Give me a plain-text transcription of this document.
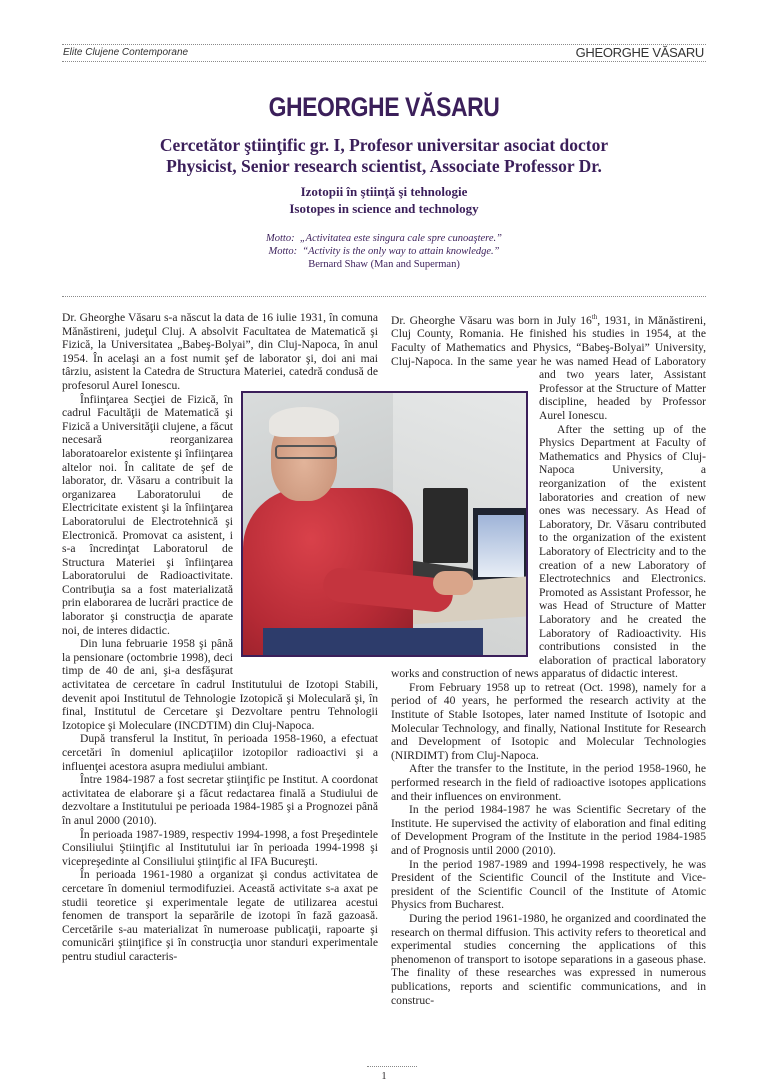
Elite Clujene Contemporane	GHEORGHE VĂSARU
GHEORGHE VĂSARU
Cercetător ştiinţific gr. I, Profesor universitar asociat doctor
Physicist, Senior research scientist, Associate Professor Dr.
Izotopii în ştiinţă şi tehnologie
Isotopes in science and technology
Motto: „Activitatea este singura cale spre cunoaştere.”
Motto: “Activity is the only way to attain knowledge.”
Bernard Shaw (Man and Superman)

Dr. Gheorghe Văsaru s-a născut la data de 16 iulie 1931, în comuna Mănăstireni, judeţul Cluj. A absolvit Facultatea de Matematică şi Fizică, la Universitatea „Babeş-Bolyai”, din Cluj-Napoca, în anul 1954. În acelaşi an a fost numit şef de laborator şi, doi ani mai târziu, asistent la Catedra de Structura Materiei, catedră condusă de profesorul Aurel Ionescu.

Înfiinţarea Secţiei de Fizică, în cadrul Facultăţii de Matematică şi Fizică a Universităţii clujene, a făcut necesară reorganizarea laboratoarelor existente şi înfiinţarea altelor noi. În calitate de şef de laborator, dr. Văsaru a contribuit la organizarea Laboratorului de Electricitate existent şi la înfiinţarea Laboratorului de Electrotehnică şi Electronică. Promovat ca asistent, i s-a încredinţat Laboratorul de Structura Materiei şi înfiinţarea Laboratorului de Radioactivitate. Contribuţia sa a fost materializată prin elaborarea de lucrări practice de laborator şi construcţia de aparate noi, de interes didactic.

Din luna februarie 1958 şi până la pensionare (octombrie 1998), deci timp de 40 de ani, şi-a desfăşurat activitatea de cercetare în cadrul Institutului de Izotopi Stabili, devenit apoi Institutul de Tehnologie Izotopică şi Moleculară şi, în final, Institutul de Cercetare şi Dezvoltare pentru Tehnologii Izotopice şi Moleculare (INCDTIM) din Cluj-Napoca.

După transferul la Institut, în perioada 1958-1960, a efectuat cercetări în domeniul aplicaţiilor izotopilor radioactivi şi a influenţei acestora asupra mediului ambiant.

Între 1984-1987 a fost secretar ştiinţific pe Institut. A coordonat activitatea de elaborare şi a făcut redactarea finală a Studiului de dezvoltare a Institutului pe perioada 1984-1985 şi a Prognozei până în anul 2000 (2010).

În perioada 1987-1989, respectiv 1994-1998, a fost Preşedintele Consiliului Ştiinţific al Institutului iar în perioada 1994-1998 şi vicepreşedinte al Consiliului ştiinţific al IFA Bucureşti.

În perioada 1961-1980 a organizat şi condus activitatea de cercetare în domeniul termodifuziei. Această activitate s-a axat pe studii teoretice şi experimentale legate de utilizarea acestui fenomen de transport la separările de izotopi în fază gazoasă. Cercetările s-au materializat în numeroase publicaţii, rapoarte şi comunicări ştiinţifice şi în construcţia unor standuri experimentale pentru studiul caracteris-

Dr. Gheorghe Văsaru was born in July 16th, 1931, in Mănăstireni, Cluj County, Romania. He finished his studies in 1954, at the Faculty of Mathematics and Physics, “Babeş-Bolyai” University, Cluj-Napoca. In the same year he was named Head of Laboratory and two years later, Assistant Professor at the Structure of Matter discipline, headed by Professor Aurel Ionescu.

After the setting up of the Physics Department at Faculty of Mathematics and Physics of Cluj-Napoca University, a reorganization of the existent laboratories and creation of new ones was necessary. As Head of Laboratory, Dr. Văsaru contributed to the organization of the existent Laboratory of Electricity and to the creation of a new Laboratory of Electrotechnics and Electronics. Promoted as Assistant Professor, he was Head of Structure of Matter Laboratory and he created the Laboratory of Radioactivity. His contributions consisted in the elaboration of practical laboratory works and construction of news apparatus of didactic interest.

From February 1958 up to retreat (Oct. 1998), namely for a period of 40 years, he performed the research activity at the Institute of Stable Isotopes, later named Institute of Isotopic and Molecular Technology, and finally, National Institute for Research and Development of Isotopic and Molecular Technologies (NIRDIMT) from Cluj-Napoca.

After the transfer to the Institute, in the period 1958-1960, he performed research in the field of radioactive isotopes applications and their influences on environment.

In the period 1984-1987 he was Scientific Secretary of the Institute. He supervised the activity of elaboration and final editing of Development Program of the Institute in the period 1984-1985 and of Prognosis until 2000 (2010).

In the period 1987-1989 and 1994-1998 respectively, he was President of the Scientific Council of the Institute and Vice-president of the Scientific Council of the Institute of Atomic Physics from Bucharest.

During the period 1961-1980, he organized and coordinated the research on thermal diffusion. This activity refers to theoretical and experimental studies concerning the applications of this phenomenon of transport to isotope separations in a gaseous phase. The finality of these researches was expressed in numerous publications, reports and scientific communications, and in construc-

1
